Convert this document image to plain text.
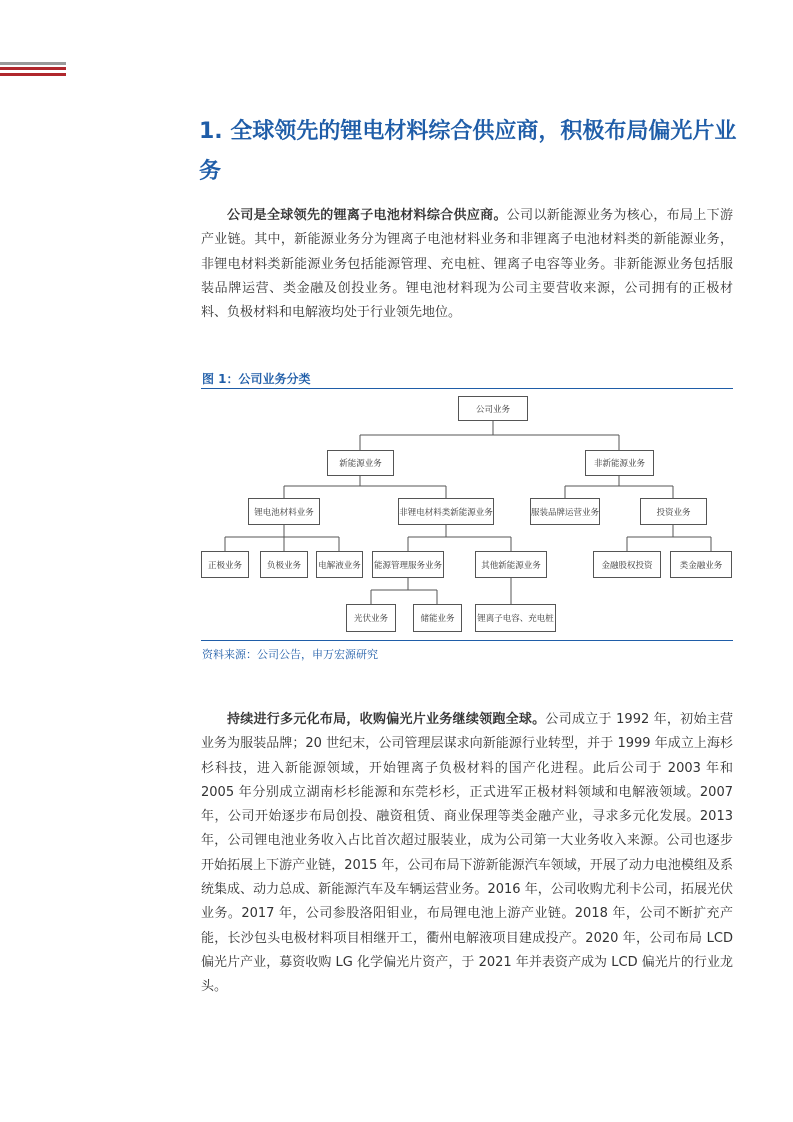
1. 全球领先的锂电材料综合供应商，积极布局偏光片业务

公司是全球领先的锂离子电池材料综合供应商。公司以新能源业务为核心，布局上下游产业链。其中，新能源业务分为锂离子电池材料业务和非锂离子电池材料类的新能源业务，非锂电材料类新能源业务包括能源管理、充电桩、锂离子电容等业务。非新能源业务包括服装品牌运营、类金融及创投业务。锂电池材料现为公司主要营收来源，公司拥有的正极材料、负极材料和电解液均处于行业领先地位。

图 1：公司业务分类
公司业务
新能源业务	非新能源业务
锂电池材料业务	非锂电材料类新能源业务	服装品牌运营业务	投资业务
正极业务	负极业务	电解液业务 能源管理服务业务	其他新能源业务	金融股权投资	类金融业务
光伏业务	储能业务	锂离子电容、充电桩
资料来源：公司公告，申万宏源研究

持续进行多元化布局，收购偏光片业务继续领跑全球。公司成立于 1992 年，初始主营业务为服装品牌；20 世纪末，公司管理层谋求向新能源行业转型，并于 1999 年成立上海杉杉科技，进入新能源领域，开始锂离子负极材料的国产化进程。此后公司于 2003 年和 2005 年分别成立湖南杉杉能源和东莞杉杉，正式进军正极材料领域和电解液领域。2007 年，公司开始逐步布局创投、融资租赁、商业保理等类金融产业，寻求多元化发展。2013 年，公司锂电池业务收入占比首次超过服装业，成为公司第一大业务收入来源。公司也逐步开始拓展上下游产业链，2015 年，公司布局下游新能源汽车领域，开展了动力电池模组及系统集成、动力总成、新能源汽车及车辆运营业务。2016 年，公司收购尤利卡公司，拓展光伏业务。2017 年，公司参股洛阳钼业，布局锂电池上游产业链。2018 年，公司不断扩充产能，长沙包头电极材料项目相继开工，衢州电解液项目建成投产。2020 年，公司布局 LCD 偏光片产业，募资收购 LG 化学偏光片资产，于 2021 年并表资产成为 LCD 偏光片的行业龙头。
